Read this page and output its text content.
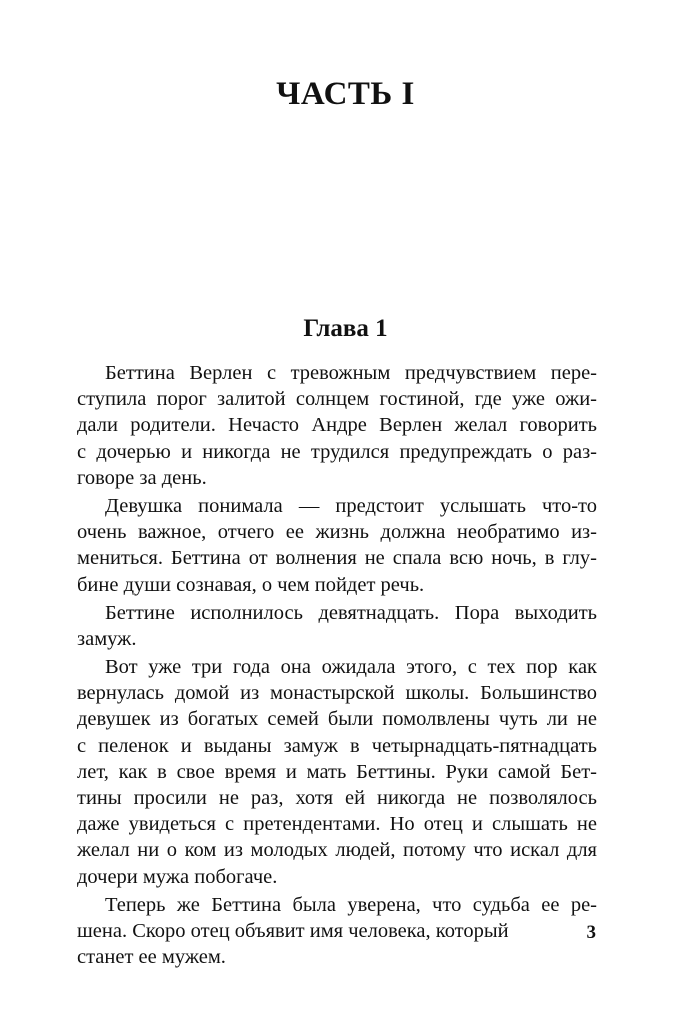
ЧАСТЬ I
Глава 1
Беттина Верлен с тревожным предчувствием пере-
ступила порог залитой солнцем гостиной, где уже ожи-
дали родители. Нечасто Андре Верлен желал говорить
с дочерью и никогда не трудился предупреждать о раз-
говоре за день.
Девушка понимала — предстоит услышать что-то
очень важное, отчего ее жизнь должна необратимо из-
мениться. Беттина от волнения не спала всю ночь, в глу-
бине души сознавая, о чем пойдет речь.
Беттине исполнилось девятнадцать. Пора выходить
замуж.
Вот уже три года она ожидала этого, с тех пор как
вернулась домой из монастырской школы. Большинство
девушек из богатых семей были помолвлены чуть ли не
с пеленок и выданы замуж в четырнадцать-пятнадцать
лет, как в свое время и мать Беттины. Руки самой Бет-
тины просили не раз, хотя ей никогда не позволялось
даже увидеться с претендентами. Но отец и слышать не
желал ни о ком из молодых людей, потому что искал для
дочери мужа побогаче.
Теперь же Беттина была уверена, что судьба ее ре-
шена. Скоро отец объявит имя человека, который
станет ее мужем.
3
